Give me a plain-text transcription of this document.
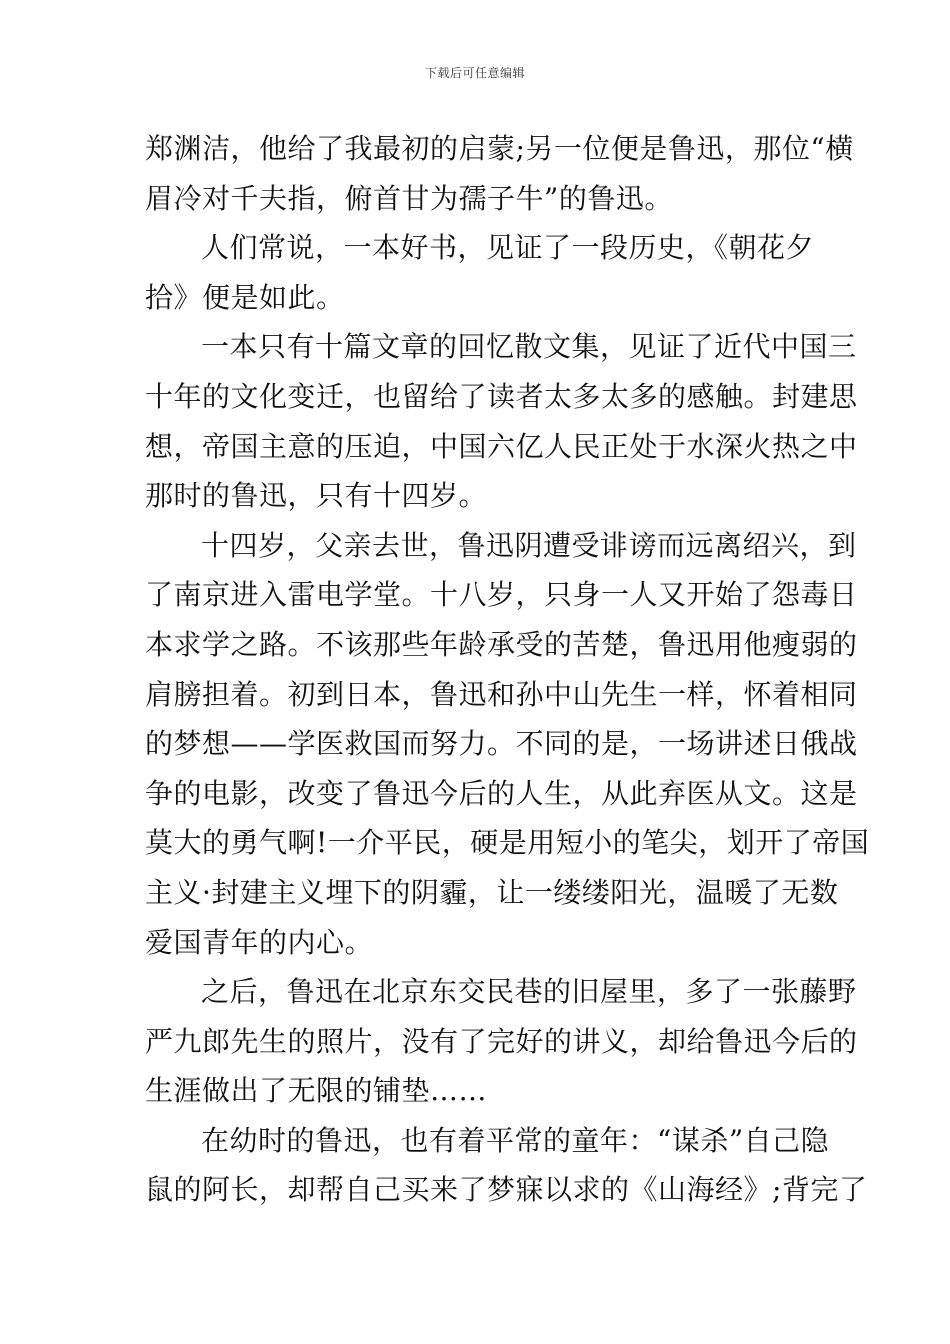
下载后可任意编辑
郑渊洁，他给了我最初的启蒙;另一位便是鲁迅，那位“横
眉冷对千夫指，俯首甘为孺子牛”的鲁迅。
人们常说，一本好书，见证了一段历史，《朝花夕
拾》便是如此。
一本只有十篇文章的回忆散文集，见证了近代中国三
十年的文化变迁，也留给了读者太多太多的感触。封建思
想，帝国主意的压迫，中国六亿人民正处于水深火热之中
那时的鲁迅，只有十四岁。
十四岁，父亲去世，鲁迅阴遭受诽谤而远离绍兴，到
了南京进入雷电学堂。十八岁，只身一人又开始了怨毒日
本求学之路。不该那些年龄承受的苦楚，鲁迅用他瘦弱的
肩膀担着。初到日本，鲁迅和孙中山先生一样，怀着相同
的梦想——学医救国而努力。不同的是，一场讲述日俄战
争的电影，改变了鲁迅今后的人生，从此弃医从文。这是
莫大的勇气啊!一介平民，硬是用短小的笔尖，划开了帝国
主义·封建主义埋下的阴霾，让一缕缕阳光，温暖了无数
爱国青年的内心。
之后，鲁迅在北京东交民巷的旧屋里，多了一张藤野
严九郎先生的照片，没有了完好的讲义，却给鲁迅今后的
生涯做出了无限的铺垫……
在幼时的鲁迅，也有着平常的童年：“谋杀”自己隐
鼠的阿长，却帮自己买来了梦寐以求的《山海经》;背完了
